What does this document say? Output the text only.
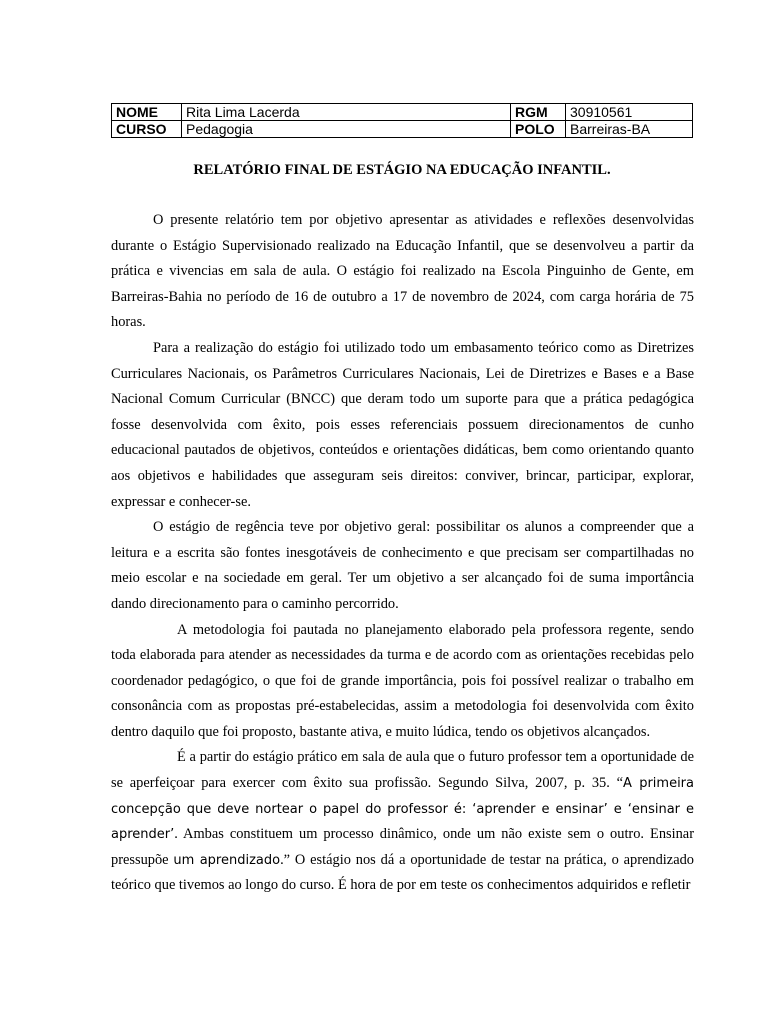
NOME	Rita Lima Lacerda	RGM	30910561
CURSO	Pedagogia	POLO	Barreiras-BA
RELATÓRIO FINAL DE ESTÁGIO NA EDUCAÇÃO INFANTIL.

O presente relatório tem por objetivo apresentar as atividades e reflexões desenvolvidas durante o Estágio Supervisionado realizado na Educação Infantil, que se desenvolveu a partir da prática e vivencias em sala de aula. O estágio foi realizado na Escola Pinguinho de Gente, em Barreiras-Bahia no período de 16 de outubro a 17 de novembro de 2024, com carga horária de 75 horas.

Para a realização do estágio foi utilizado todo um embasamento teórico como as Diretrizes Curriculares Nacionais, os Parâmetros Curriculares Nacionais, Lei de Diretrizes e Bases e a Base Nacional Comum Curricular (BNCC) que deram todo um suporte para que a prática pedagógica fosse desenvolvida com êxito, pois esses referenciais possuem direcionamentos de cunho educacional pautados de objetivos, conteúdos e orientações didáticas, bem como orientando quanto aos objetivos e habilidades que asseguram seis direitos: conviver, brincar, participar, explorar, expressar e conhecer-se.

O estágio de regência teve por objetivo geral: possibilitar os alunos a compreender que a leitura e a escrita são fontes inesgotáveis de conhecimento e que precisam ser compartilhadas no meio escolar e na sociedade em geral. Ter um objetivo a ser alcançado foi de suma importância dando direcionamento para o caminho percorrido.

A metodologia foi pautada no planejamento elaborado pela professora regente, sendo toda elaborada para atender as necessidades da turma e de acordo com as orientações recebidas pelo coordenador pedagógico, o que foi de grande importância, pois foi possível realizar o trabalho em consonância com as propostas pré-estabelecidas, assim a metodologia foi desenvolvida com êxito dentro daquilo que foi proposto, bastante ativa, e muito lúdica, tendo os objetivos alcançados.

É a partir do estágio prático em sala de aula que o futuro professor tem a oportunidade de se aperfeiçoar para exercer com êxito sua profissão. Segundo Silva, 2007, p. 35. “A primeira concepção que deve nortear o papel do professor é: ‘aprender e ensinar’ e ‘ensinar e aprender’. Ambas constituem um processo dinâmico, onde um não existe sem o outro. Ensinar pressupõe um aprendizado.” O estágio nos dá a oportunidade de testar na prática, o aprendizado teórico que tivemos ao longo do curso. É hora de por em teste os conhecimentos adquiridos e refletir
